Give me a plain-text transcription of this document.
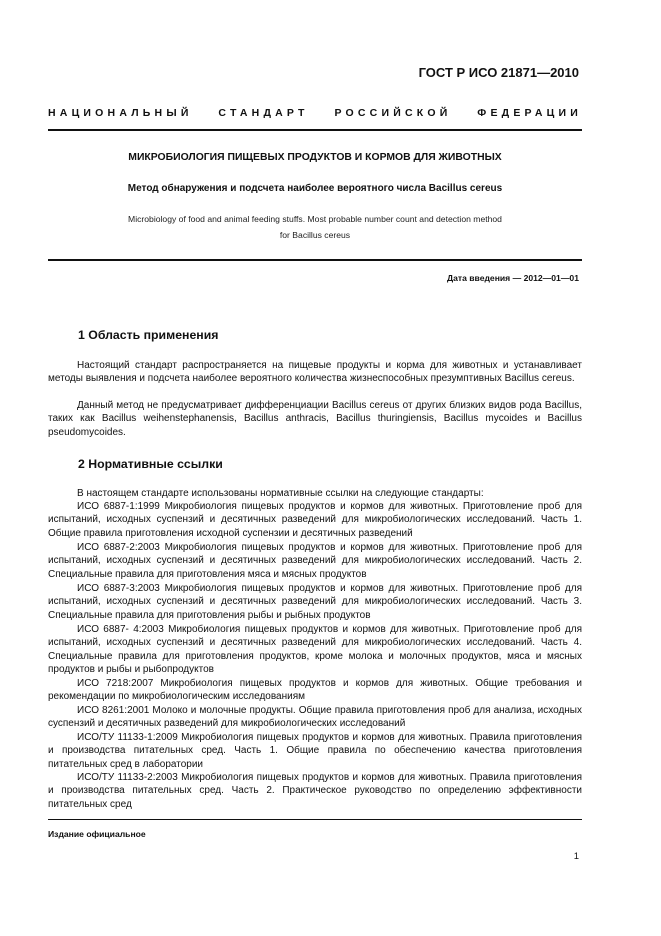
ГОСТ Р ИСО 21871—2010
НАЦИОНАЛЬНЫЙ СТАНДАРТ РОССИЙСКОЙ ФЕДЕРАЦИИ
МИКРОБИОЛОГИЯ ПИЩЕВЫХ ПРОДУКТОВ И КОРМОВ ДЛЯ ЖИВОТНЫХ
Метод обнаружения и подсчета наиболее вероятного числа Bacillus cereus
Microbiology of food and animal feeding stuffs. Most probable number count and detection method
for Bacillus cereus
Дата введения — 2012—01—01
1 Область применения

Настоящий стандарт распространяется на пищевые продукты и корма для животных и устанавливает методы выявления и подсчета наиболее вероятного количества жизнеспособных презумптивных Bacillus cereus.

Данный метод не предусматривает дифференциации Bacillus cereus от других близких видов рода Bacillus, таких как Bacillus weihenstephanensis, Bacillus anthracis, Bacillus thuringiensis, Bacillus mycoides и Bacillus pseudomycoides.

2 Нормативные ссылки

В настоящем стандарте использованы нормативные ссылки на следующие стандарты:

ИСО 6887-1:1999 Микробиология пищевых продуктов и кормов для животных. Приготовление проб для испытаний, исходных суспензий и десятичных разведений для микробиологических исследований. Часть 1. Общие правила приготовления исходной суспензии и десятичных разведений

ИСО 6887-2:2003 Микробиология пищевых продуктов и кормов для животных. Приготовление проб для испытаний, исходных суспензий и десятичных разведений для микробиологических исследований. Часть 2. Специальные правила для приготовления мяса и мясных продуктов

ИСО 6887-3:2003 Микробиология пищевых продуктов и кормов для животных. Приготовление проб для испытаний, исходных суспензий и десятичных разведений для микробиологических исследований. Часть 3. Специальные правила для приготовления рыбы и рыбных продуктов

ИСО 6887- 4:2003 Микробиология пищевых продуктов и кормов для животных. Приготовление проб для испытаний, исходных суспензий и десятичных разведений для микробиологических исследований. Часть 4. Специальные правила для приготовления продуктов, кроме молока и молочных продуктов, мяса и мясных продуктов и рыбы и рыбопродуктов

ИСО 7218:2007 Микробиология пищевых продуктов и кормов для животных. Общие требования и рекомендации по микробиологическим исследованиям

ИСО 8261:2001 Молоко и молочные продукты. Общие правила приготовления проб для анализа, исходных суспензий и десятичных разведений для микробиологических исследований

ИСО/ТУ 11133-1:2009 Микробиология пищевых продуктов и кормов для животных. Правила приготовления и производства питательных сред. Часть 1. Общие правила по обеспечению качества приготовления питательных сред в лаборатории

ИСО/ТУ 11133-2:2003 Микробиология пищевых продуктов и кормов для животных. Правила приготовления и производства питательных сред. Часть 2. Практическое руководство по определению эффективности питательных сред

Издание официальное
1
